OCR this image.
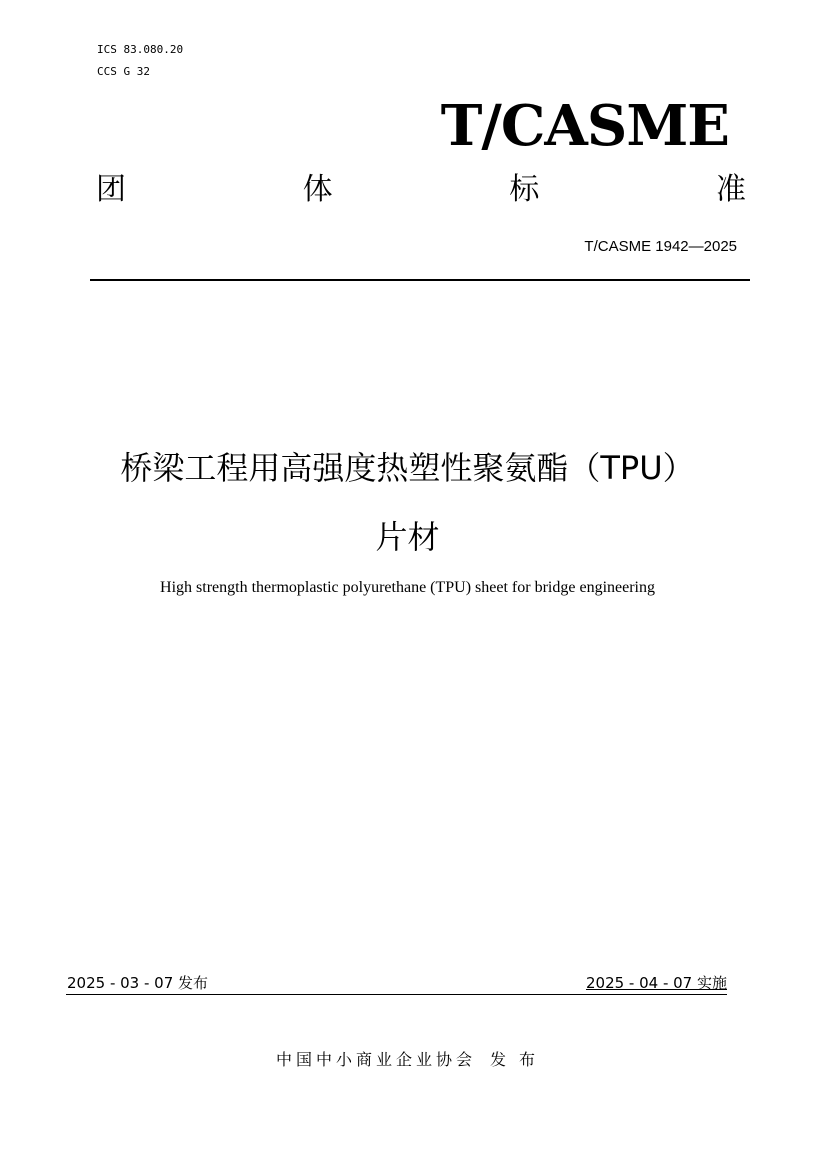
ICS 83.080.20
CCS G 32
T/CASME
团	体	标	准
T/CASME 1942—2025
桥梁工程用高强度热塑性聚氨酯（TPU）
片材
High strength thermoplastic polyurethane (TPU) sheet for bridge engineering
2025 - 03 - 07 发布	2025 - 04 - 07 实施
中国中小商业企业协会 发 布
